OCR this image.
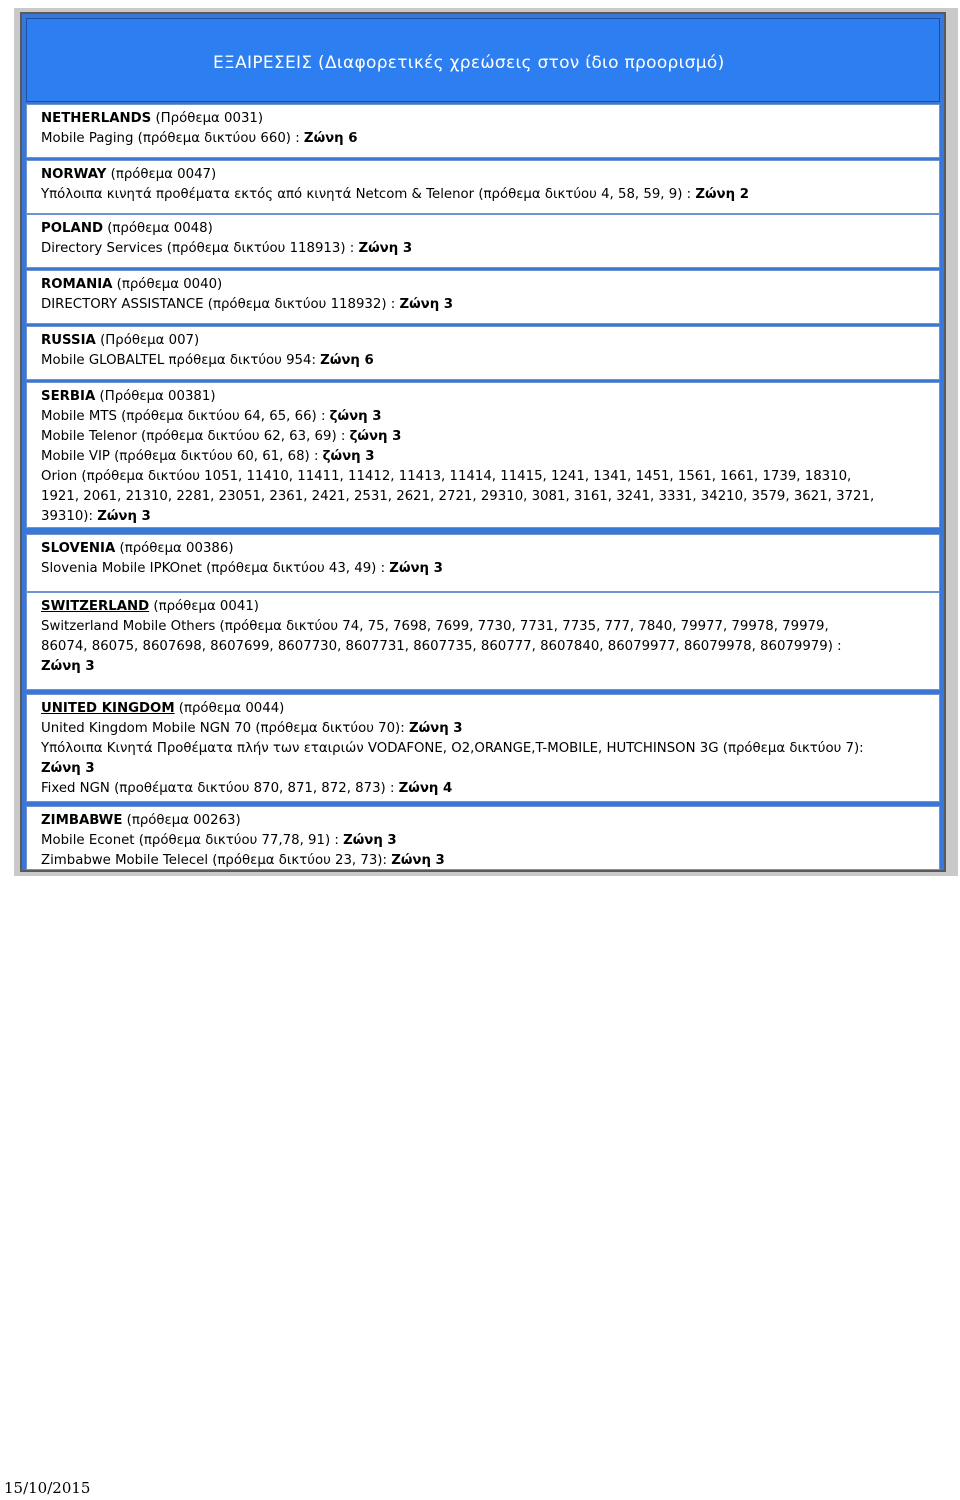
ΕΞΑΙΡΕΣΕΙΣ (Διαφορετικές χρεώσεις στον ίδιο προορισμό)
NETHERLANDS (Πρόθεμα 0031)
Mobile Paging (πρόθεμα δικτύου 660) : Ζώνη 6
NORWAY (πρόθεμα 0047)
Υπόλοιπα κινητά προθέματα εκτός από κινητά Netcom & Telenor (πρόθεμα δικτύου 4, 58, 59, 9) : Ζώνη 2
POLAND (πρόθεμα 0048)
Directory Services (πρόθεμα δικτύου 118913) : Ζώνη 3
ROMANIA (πρόθεμα 0040)
DIRECTORY ASSISTANCE (πρόθεμα δικτύου 118932) : Ζώνη 3
RUSSIA (Πρόθεμα 007)
Mobile GLOBALTEL πρόθεμα δικτύου 954: Ζώνη 6
SERBIA (Πρόθεμα 00381)
Mobile MTS (πρόθεμα δικτύου 64, 65, 66) : ζώνη 3
Mobile Telenor (πρόθεμα δικτύου 62, 63, 69) : ζώνη 3
Mobile VIP (πρόθεμα δικτύου 60, 61, 68) : ζώνη 3
Orion (πρόθεμα δικτύου 1051, 11410, 11411, 11412, 11413, 11414, 11415, 1241, 1341, 1451, 1561, 1661, 1739, 18310,
1921, 2061, 21310, 2281, 23051, 2361, 2421, 2531, 2621, 2721, 29310, 3081, 3161, 3241, 3331, 34210, 3579, 3621, 3721,
39310): Ζώνη 3
SLOVENIA (πρόθεμα 00386)
Slovenia Mobile IPKOnet (πρόθεμα δικτύου 43, 49) : Ζώνη 3
SWITZERLAND (πρόθεμα 0041)
Switzerland Mobile Others (πρόθεμα δικτύου 74, 75, 7698, 7699, 7730, 7731, 7735, 777, 7840, 79977, 79978, 79979,
86074, 86075, 8607698, 8607699, 8607730, 8607731, 8607735, 860777, 8607840, 86079977, 86079978, 86079979) :
Ζώνη 3
UNITED KINGDOM (πρόθεμα 0044)
United Kingdom Mobile NGN 70 (πρόθεμα δικτύου 70): Ζώνη 3
Υπόλοιπα Κινητά Προθέματα πλήν των εταιριών VODAFONE, O2,ORANGE,T-MOBILE, HUTCHINSON 3G (πρόθεμα δικτύου 7):
Ζώνη 3
Fixed NGN (προθέματα δικτύου 870, 871, 872, 873) : Ζώνη 4
ZIMBABWE (πρόθεμα 00263)
Mobile Econet (πρόθεμα δικτύου 77,78, 91) : Ζώνη 3
Zimbabwe Mobile Telecel (πρόθεμα δικτύου 23, 73): Ζώνη 3
15/10/2015
